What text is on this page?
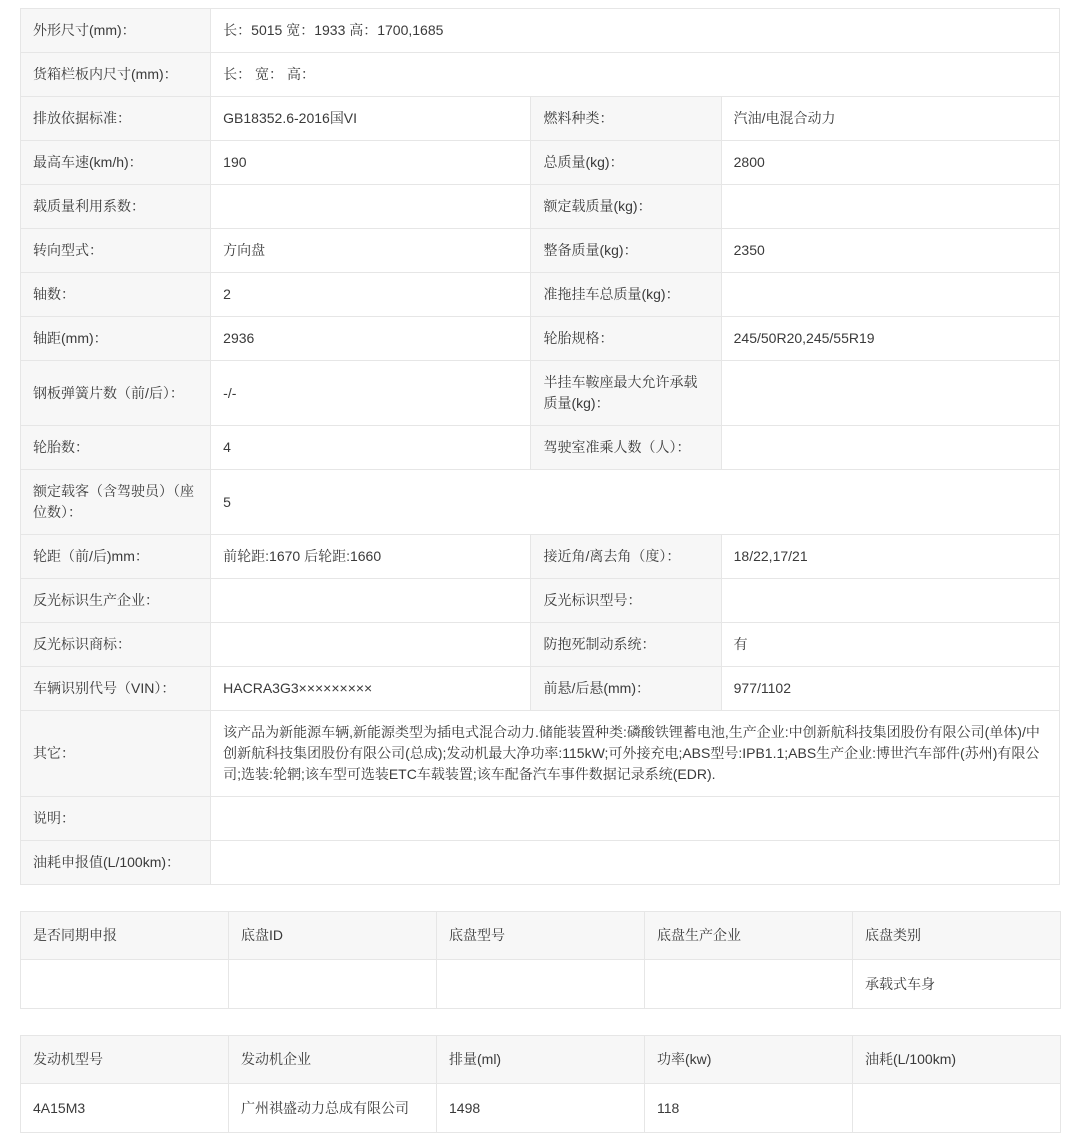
外形尺寸(mm)：	长：5015 宽：1933 高：1700,1685		
货箱栏板内尺寸(mm)：	长： 宽： 高：		
排放依据标准：	GB18352.6-2016国VI	燃料种类：	汽油/电混合动力
最高车速(km/h)：	190	总质量(kg)：	2800
载质量利用系数：		额定载质量(kg)：	
转向型式：	方向盘	整备质量(kg)：	2350
轴数：	2	准拖挂车总质量(kg)：	
轴距(mm)：	2936	轮胎规格：	245/50R20,245/55R19
钢板弹簧片数（前/后）：	-/-	半挂车鞍座最大允许承载质量(kg)：	
轮胎数：	4	驾驶室准乘人数（人）：	
额定载客（含驾驶员）（座位数）：	5		
轮距（前/后)mm：	前轮距:1670 后轮距:1660	接近角/离去角（度）：	18/22,17/21
反光标识生产企业：		反光标识型号：	
反光标识商标：		防抱死制动系统：	有
车辆识别代号（VIN）：	HACRA3G3×××××××××	前悬/后悬(mm)：	977/1102
其它：	该产品为新能源车辆,新能源类型为插电式混合动力.储能装置种类:磷酸铁锂蓄电池,生产企业:中创新航科技集团股份有限公司(单体)/中创新航科技集团股份有限公司(总成);发动机最大净功率:115kW;可外接充电;ABS型号:IPB1.1;ABS生产企业:博世汽车部件(苏州)有限公司;选装:轮辋;该车型可选装ETC车载装置;该车配备汽车事件数据记录系统(EDR).		
说明：			
油耗申报值(L/100km)：			
是否同期申报	底盘ID	底盘型号	底盘生产企业	底盘类别
				承载式车身
发动机型号	发动机企业	排量(ml)	功率(kw)	油耗(L/100km)
4A15M3	广州祺盛动力总成有限公司	1498	118	
